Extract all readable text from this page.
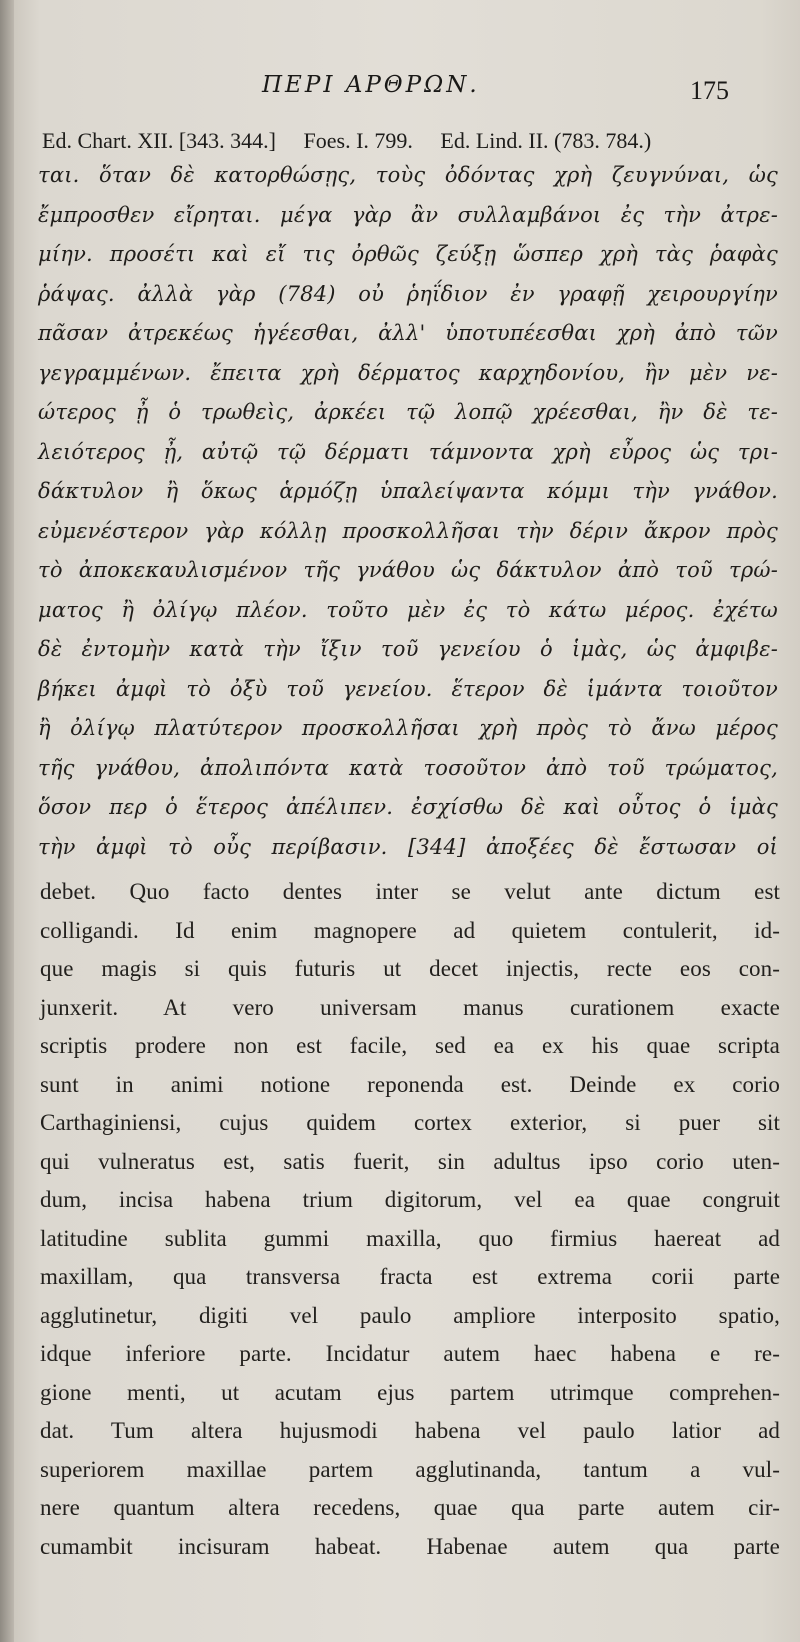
ΠΕΡΙ ΑΡΘΡΩΝ.	175
Ed. Chart. XII. [343. 344.] Foes. I. 799. Ed. Lind. II. (783. 784.)
ται. ὅταν δὲ κατορθώσῃς, τοὺς ὀδόντας χρὴ ζευγνύναι, ὡς
ἔμπροσθεν εἴρηται. μέγα γὰρ ἂν συλλαμβάνοι ἐς τὴν ἀτρε-
μίην. προσέτι καὶ εἴ τις ὀρθῶς ζεύξῃ ὥσπερ χρὴ τὰς ῥαφὰς
ῥάψας. ἀλλὰ γὰρ (784) οὐ ῥηΐδιον ἐν γραφῇ χειρουργίην
πᾶσαν ἀτρεκέως ἡγέεσθαι, ἀλλ' ὑποτυπέεσθαι χρὴ ἀπὸ τῶν
γεγραμμένων. ἔπειτα χρὴ δέρματος καρχηδονίου, ἢν μὲν νε-
ώτερος ᾖ ὁ τρωθεὶς, ἀρκέει τῷ λοπῷ χρέεσθαι, ἢν δὲ τε-
λειότερος ᾖ, αὐτῷ τῷ δέρματι τάμνοντα χρὴ εὖρος ὡς τρι-
δάκτυλον ἢ ὅκως ἁρμόζῃ ὑπαλείψαντα κόμμι τὴν γνάθον.
εὐμενέστερον γὰρ κόλλῃ προσκολλῆσαι τὴν δέριν ἄκρον πρὸς
τὸ ἀποκεκαυλισμένον τῆς γνάθου ὡς δάκτυλον ἀπὸ τοῦ τρώ-
ματος ἢ ὀλίγῳ πλέον. τοῦτο μὲν ἐς τὸ κάτω μέρος. ἐχέτω
δὲ ἐντομὴν κατὰ τὴν ἴξιν τοῦ γενείου ὁ ἱμὰς, ὡς ἀμφιβε-
βήκει ἀμφὶ τὸ ὀξὺ τοῦ γενείου. ἕτερον δὲ ἱμάντα τοιοῦτον
ἢ ὀλίγῳ πλατύτερον προσκολλῆσαι χρὴ πρὸς τὸ ἄνω μέρος
τῆς γνάθου, ἀπολιπόντα κατὰ τοσοῦτον ἀπὸ τοῦ τρώματος,
ὅσον περ ὁ ἕτερος ἀπέλιπεν. ἐσχίσθω δὲ καὶ οὗτος ὁ ἱμὰς
τὴν ἀμφὶ τὸ οὖς περίβασιν. [344] ἀποξέες δὲ ἔστωσαν οἱ
debet. Quo facto dentes inter se velut ante dictum est
colligandi. Id enim magnopere ad quietem contulerit, id-
que magis si quis futuris ut decet injectis, recte eos con-
junxerit. At vero universam manus curationem exacte
scriptis prodere non est facile, sed ea ex his quae scripta
sunt in animi notione reponenda est. Deinde ex corio
Carthaginiensi, cujus quidem cortex exterior, si puer sit
qui vulneratus est, satis fuerit, sin adultus ipso corio uten-
dum, incisa habena trium digitorum, vel ea quae congruit
latitudine sublita gummi maxilla, quo firmius haereat ad
maxillam, qua transversa fracta est extrema corii parte
agglutinetur, digiti vel paulo ampliore interposito spatio,
idque inferiore parte. Incidatur autem haec habena e re-
gione menti, ut acutam ejus partem utrimque comprehen-
dat. Tum altera hujusmodi habena vel paulo latior ad
superiorem maxillae partem agglutinanda, tantum a vul-
nere quantum altera recedens, quae qua parte autem cir-
cumambit incisuram habeat. Habenae autem qua parte
